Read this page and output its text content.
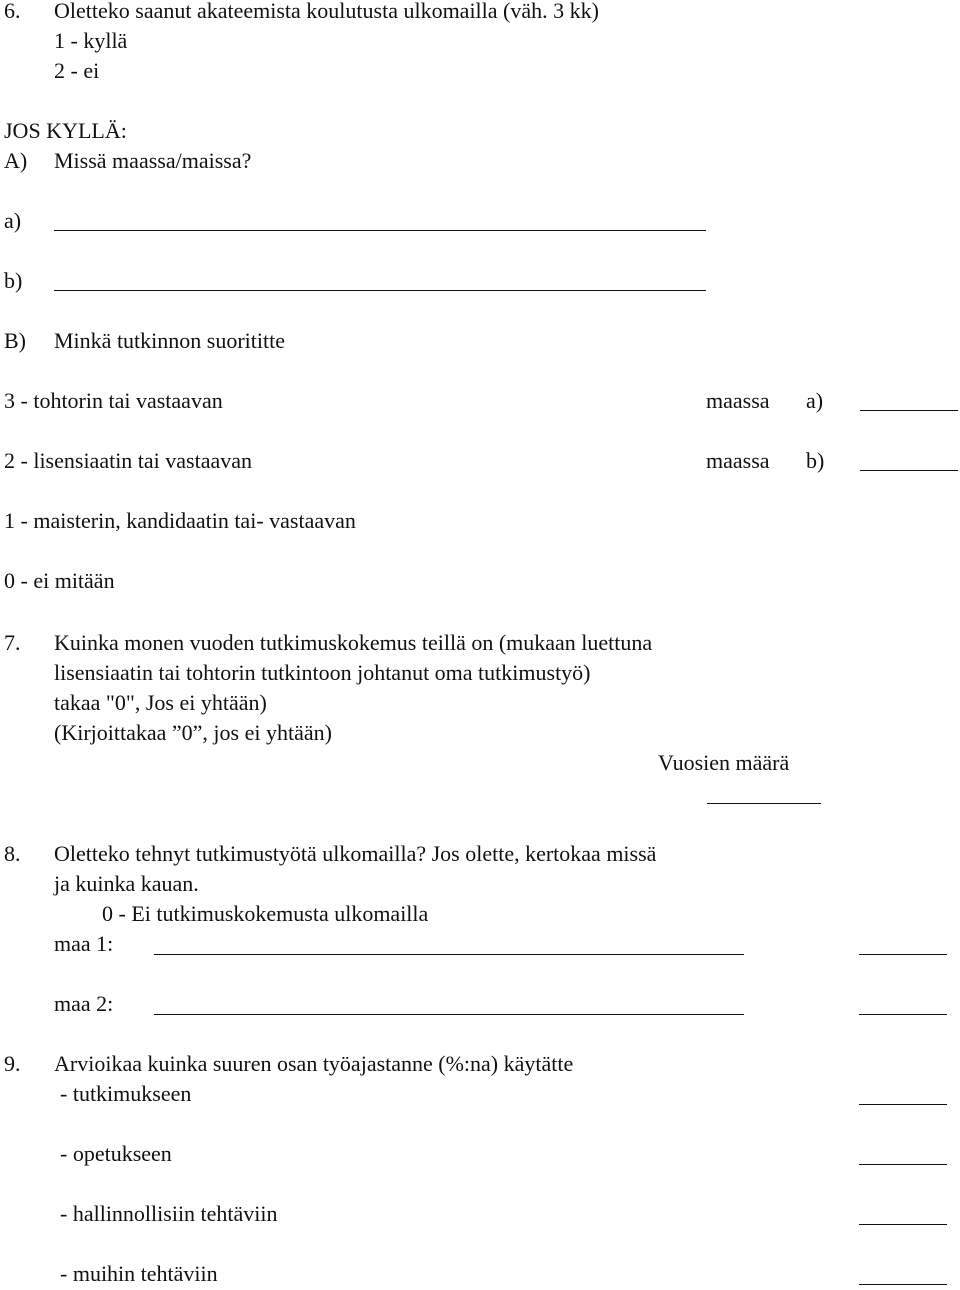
6. Oletteko saanut akateemista koulutusta ulkomailla (väh. 3 kk)
1 - kyllä
2 - ei
JOS KYLLÄ:
A) Missä maassa/maissa?
a)
b)
B) Minkä tutkinnon suorititte
3 - tohtorin tai vastaavan	maassa a)
2 - lisensiaatin tai vastaavan	maassa b)
1 - maisterin, kandidaatin tai- vastaavan
0 - ei mitään
7. Kuinka monen vuoden tutkimuskokemus teillä on (mukaan luettuna
lisensiaatin tai tohtorin tutkintoon johtanut oma tutkimustyö)
takaa "0", Jos ei yhtään)
(Kirjoittakaa ”0”, jos ei yhtään)
Vuosien määrä
8. Oletteko tehnyt tutkimustyötä ulkomailla? Jos olette, kertokaa missä
ja kuinka kauan.
0 - Ei tutkimuskokemusta ulkomailla
maa 1:
maa 2:
9. Arvioikaa kuinka suuren osan työajastanne (%:na) käytätte
- tutkimukseen
- opetukseen
- hallinnollisiin tehtäviin
- muihin tehtäviin
